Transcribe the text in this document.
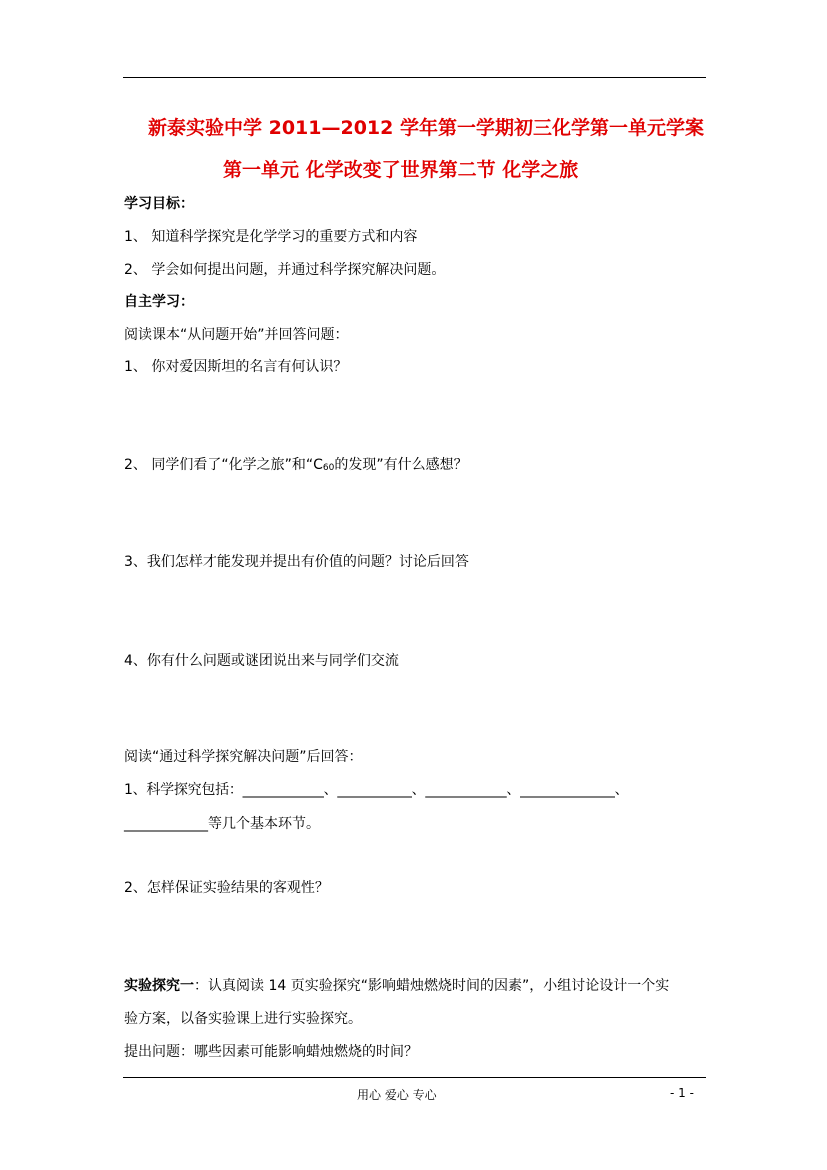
新泰实验中学 2011—2012 学年第一学期初三化学第一单元学案
第一单元 化学改变了世界第二节 化学之旅
学习目标：
1、 知道科学探究是化学学习的重要方式和内容
2、 学会如何提出问题，并通过科学探究解决问题。
自主学习：
阅读课本“从问题开始”并回答问题：
1、 你对爱因斯坦的名言有何认识？
2、 同学们看了“化学之旅”和“$C_{60}$的发现”有什么感想？
3、我们怎样才能发现并提出有价值的问题？讨论后回答
4、你有什么问题或谜团说出来与同学们交流
阅读“通过科学探究解决问题”后回答：
1、科学探究包括：____________、___________、____________、______________、
____________等几个基本环节。
2、怎样保证实验结果的客观性？
实验探究一：认真阅读 14 页实验探究“影响蜡烛燃烧时间的因素”，小组讨论设计一个实
验方案，以备实验课上进行实验探究。
提出问题：哪些因素可能影响蜡烛燃烧的时间？
用心 爱心 专心	- 1 -
